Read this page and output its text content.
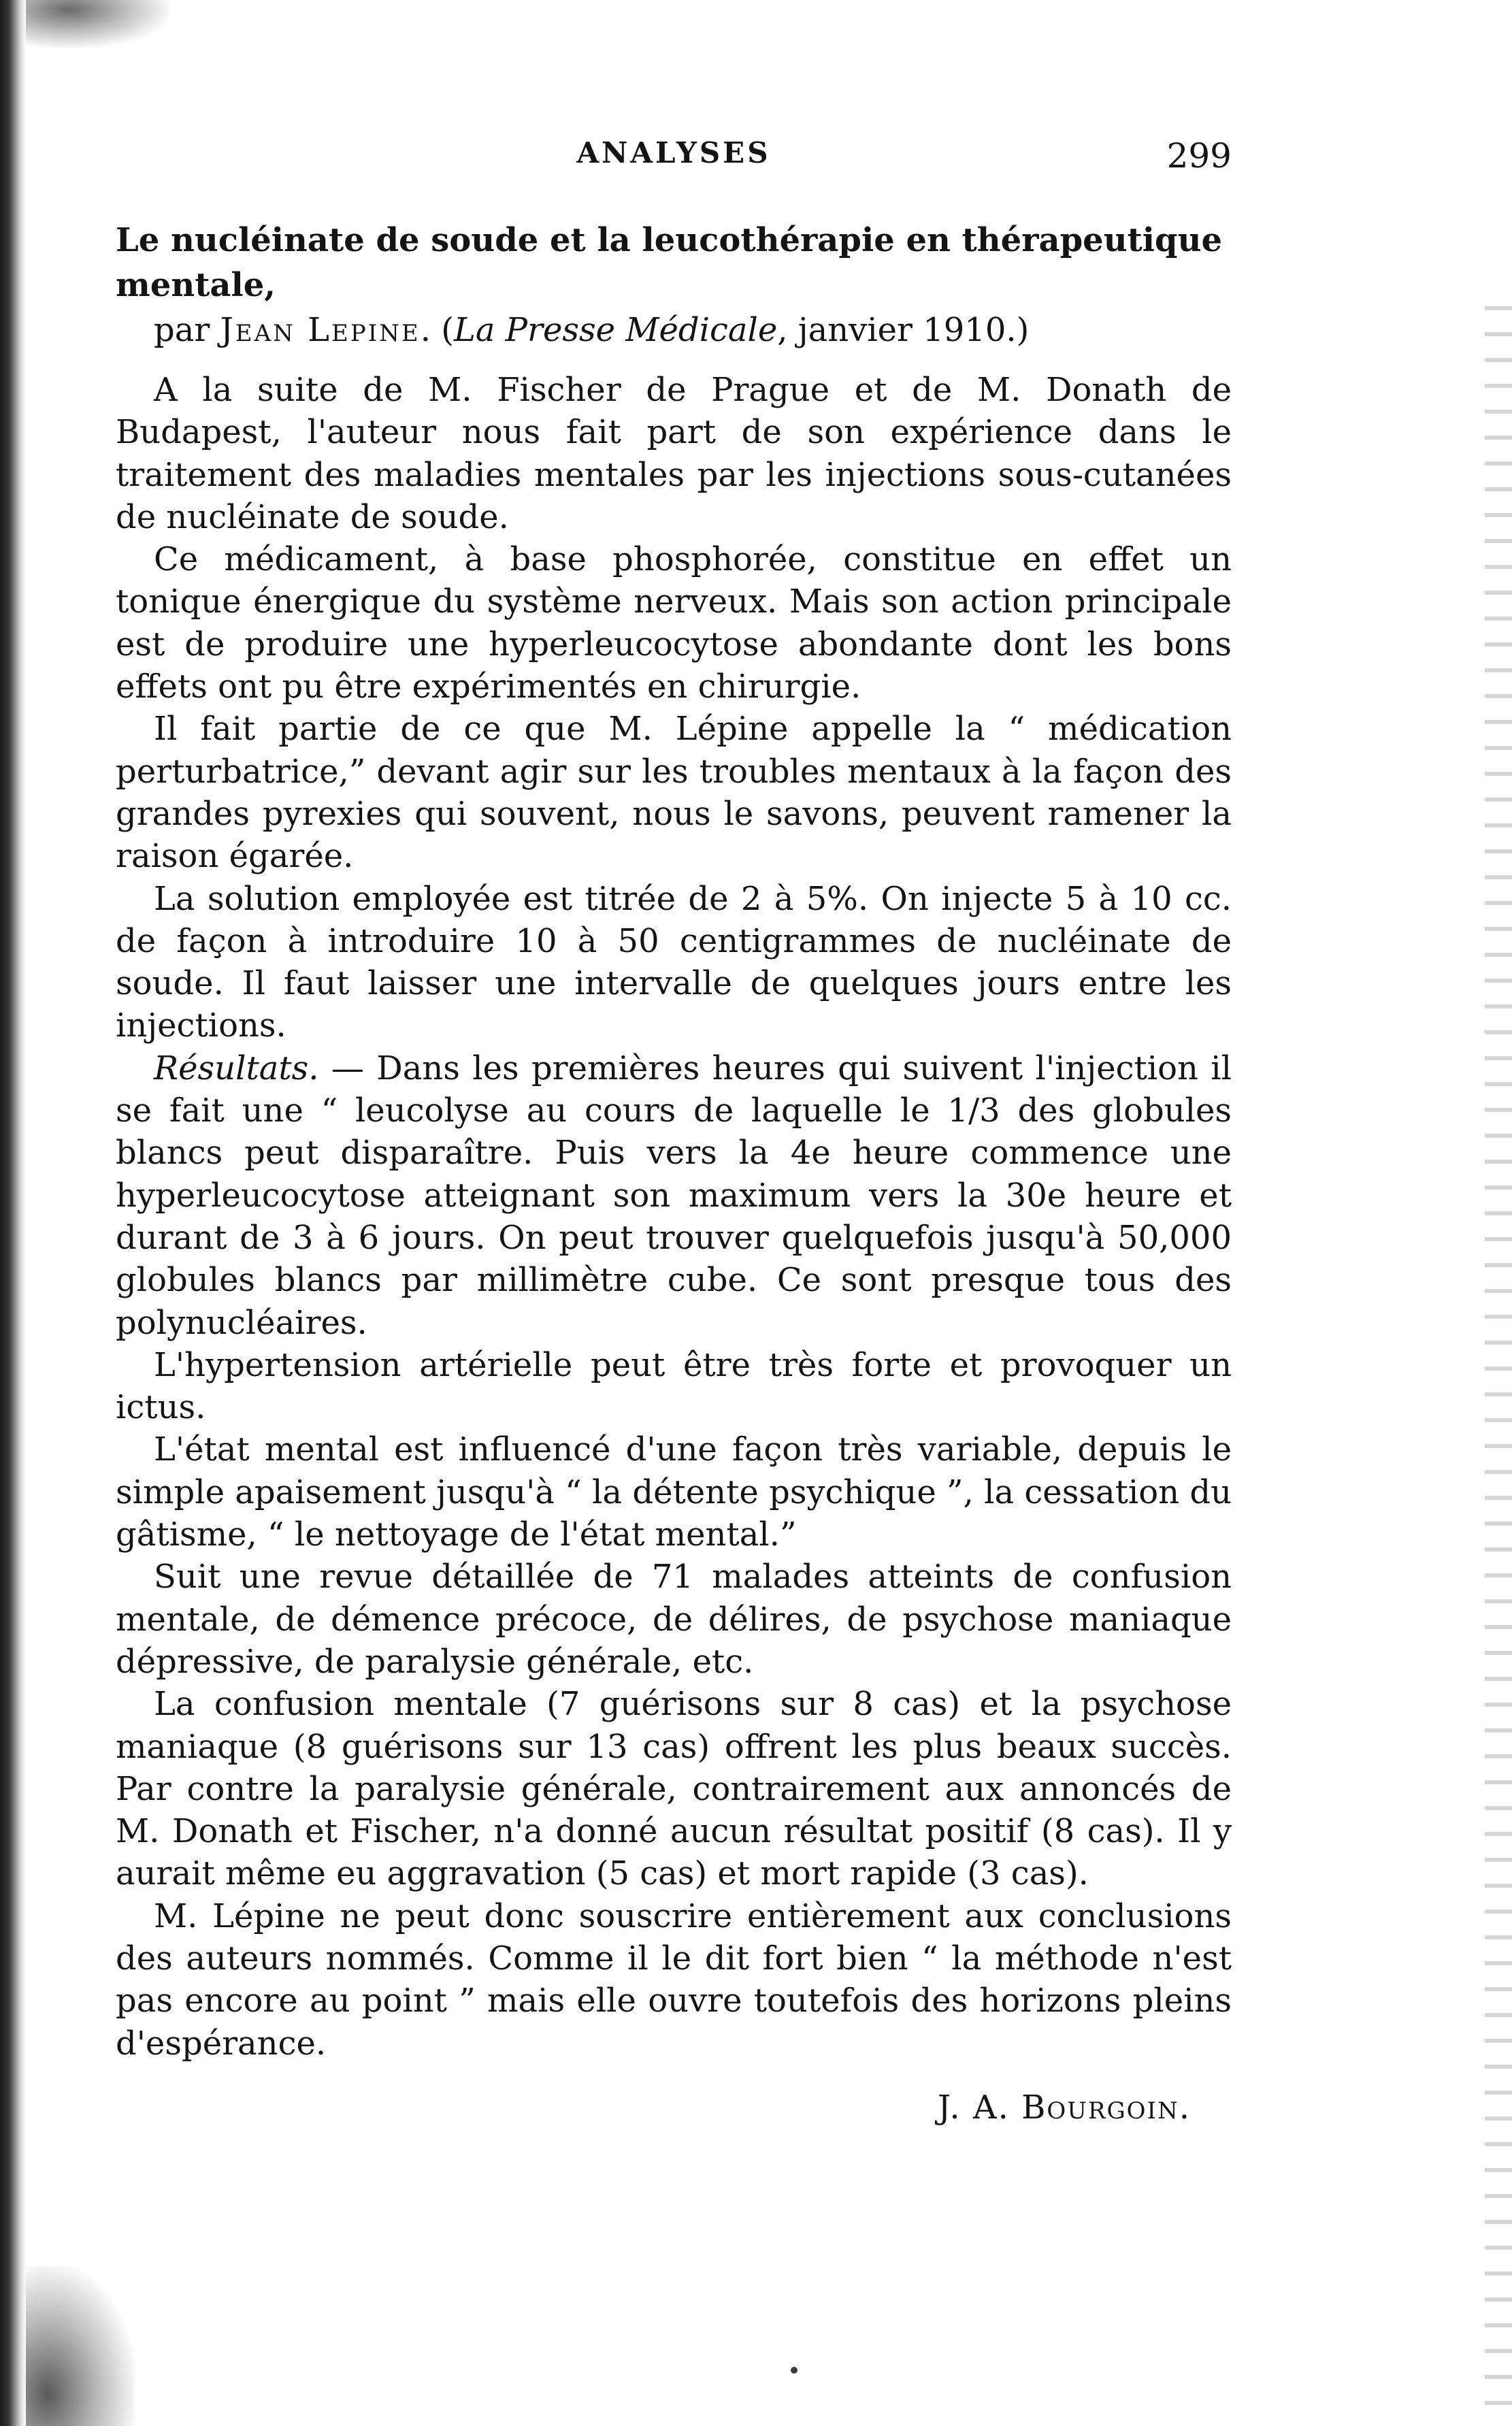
ANALYSES	299

Le nucléinate de soude et la leucothérapie en thérapeutique mentale,

par Jean Lepine. (La Presse Médicale, janvier 1910.)

A la suite de M. Fischer de Prague et de M. Donath de Budapest, l'auteur nous fait part de son expérience dans le traitement des maladies mentales par les injections sous-cutanées de nucléinate de soude.

Ce médicament, à base phosphorée, constitue en effet un tonique énergique du système nerveux. Mais son action principale est de produire une hyperleucocytose abondante dont les bons effets ont pu être expérimentés en chirurgie.

Il fait partie de ce que M. Lépine appelle la “ médication perturbatrice,” devant agir sur les troubles mentaux à la façon des grandes pyrexies qui souvent, nous le savons, peuvent ramener la raison égarée.

La solution employée est titrée de 2 à 5%. On injecte 5 à 10 cc. de façon à introduire 10 à 50 centigrammes de nucléinate de soude. Il faut laisser une intervalle de quelques jours entre les injections.

Résultats. — Dans les premières heures qui suivent l'injection il se fait une “ leucolyse au cours de laquelle le 1/3 des globules blancs peut disparaître. Puis vers la 4e heure commence une hyperleucocytose atteignant son maximum vers la 30e heure et durant de 3 à 6 jours. On peut trouver quelquefois jusqu'à 50,000 globules blancs par millimètre cube. Ce sont presque tous des polynucléaires.

L'hypertension artérielle peut être très forte et provoquer un ictus.

L'état mental est influencé d'une façon très variable, depuis le simple apaisement jusqu'à “ la détente psychique ”, la cessation du gâtisme, “ le nettoyage de l'état mental.”

Suit une revue détaillée de 71 malades atteints de confusion mentale, de démence précoce, de délires, de psychose maniaque dépressive, de paralysie générale, etc.

La confusion mentale (7 guérisons sur 8 cas) et la psychose maniaque (8 guérisons sur 13 cas) offrent les plus beaux succès. Par contre la paralysie générale, contrairement aux annoncés de M. Donath et Fischer, n'a donné aucun résultat positif (8 cas). Il y aurait même eu aggravation (5 cas) et mort rapide (3 cas).

M. Lépine ne peut donc souscrire entièrement aux conclusions des auteurs nommés. Comme il le dit fort bien “ la méthode n'est pas encore au point ” mais elle ouvre toutefois des horizons pleins d'espérance.

J. A. Bourgoin.
